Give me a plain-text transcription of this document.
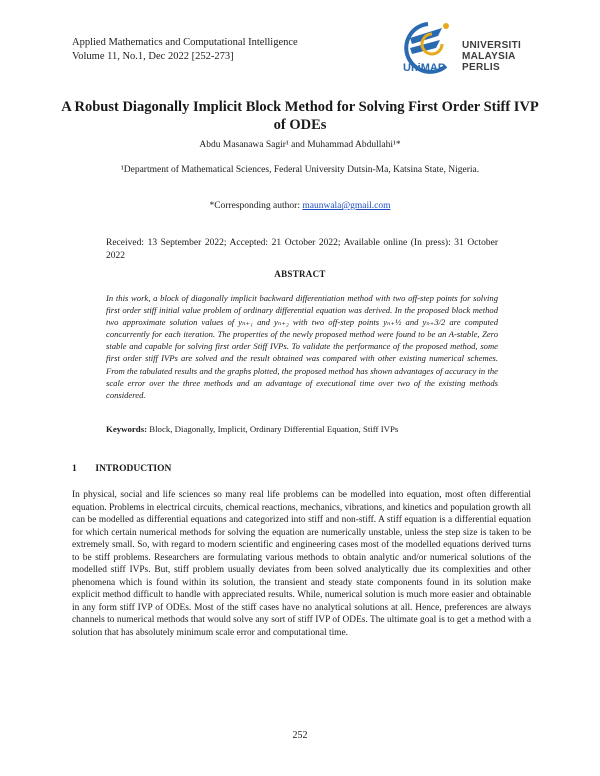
Applied Mathematics and Computational Intelligence
Volume 11, No.1, Dec 2022 [252-273]
UNIVERSITI
MALAYSIA
PERLIS
UniMAP
A Robust Diagonally Implicit Block Method for Solving First Order Stiff IVP of ODEs
Abdu Masanawa Sagir¹ and Muhammad Abdullahi¹*
¹Department of Mathematical Sciences, Federal University Dutsin-Ma, Katsina State, Nigeria.
*Corresponding author: maunwala@gmail.com
Received: 13 September 2022; Accepted: 21 October 2022; Available online (In press): 31 October 2022
ABSTRACT
In this work, a block of diagonally implicit backward differentiation method with two off-step points for solving first order stiff initial value problem of ordinary differential equation was derived. In the proposed block method two approximate solution values of yₙ₊₁ and yₙ₊₂ with two off-step points yₙ₊½ and yₙ₊3/2 are computed concurrently for each iteration. The properties of the newly proposed method were found to be an A-stable, Zero stable and capable for solving first order Stiff IVPs. To validate the performance of the proposed method, some first order stiff IVPs are solved and the result obtained was compared with other existing numerical schemes. From the tabulated results and the graphs plotted, the proposed method has shown advantages of accuracy in the scale error over the three methods and an advantage of executional time over two of the existing methods considered.
Keywords: Block, Diagonally, Implicit, Ordinary Differential Equation, Stiff IVPs
1 INTRODUCTION
In physical, social and life sciences so many real life problems can be modelled into equation, most often differential equation. Problems in electrical circuits, chemical reactions, mechanics, vibrations, and kinetics and population growth all can be modelled as differential equations and categorized into stiff and non-stiff. A stiff equation is a differential equation for which certain numerical methods for solving the equation are numerically unstable, unless the step size is taken to be extremely small. So, with regard to modern scientific and engineering cases most of the modelled equations derived turns to be stiff problems. Researchers are formulating various methods to obtain analytic and/or numerical solutions of the modelled stiff IVPs. But, stiff problem usually deviates from been solved analytically due its complexities and other phenomena which is found within its solution, the transient and steady state components found in its solution make explicit method difficult to handle with appreciated results. While, numerical solution is much more easier and obtainable in any form stiff IVP of ODEs. Most of the stiff cases have no analytical solutions at all. Hence, preferences are always channels to numerical methods that would solve any sort of stiff IVP of ODEs. The ultimate goal is to get a method with a solution that has absolutely minimum scale error and computational time.
252
